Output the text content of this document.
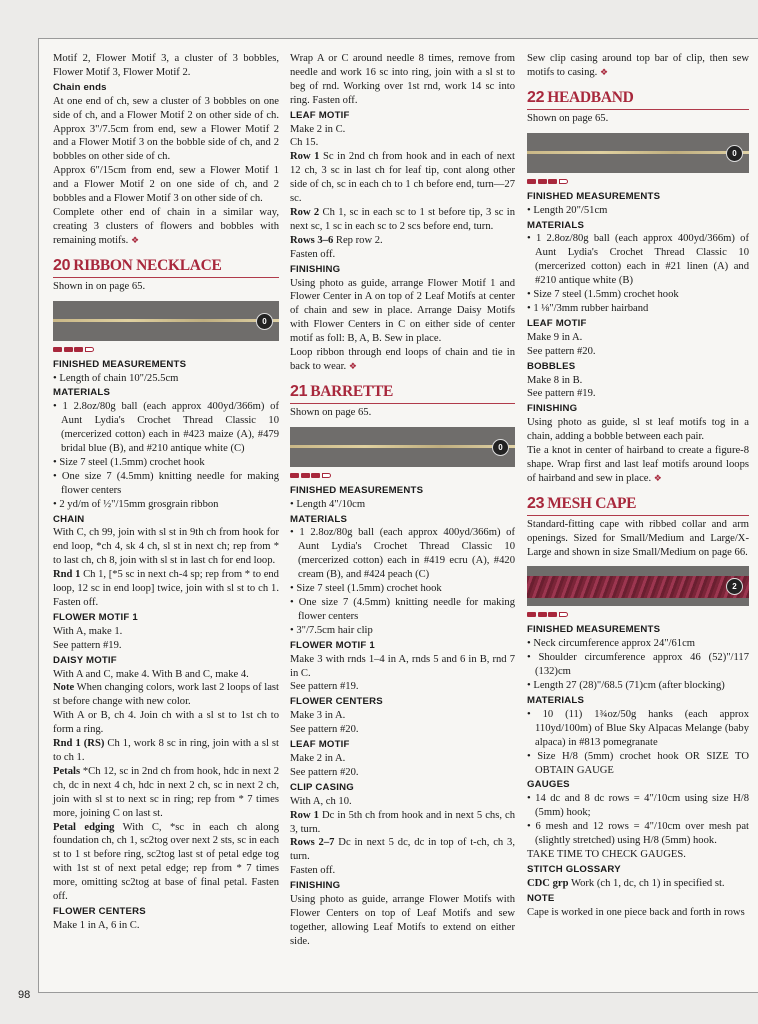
Motif 2, Flower Motif 3, a cluster of 3 bobbles, Flower Motif 3, Flower Motif 2.

Chain ends

At one end of ch, sew a cluster of 3 bobbles on one side of ch, and a Flower Motif 2 on other side of ch. Approx 3"/7.5cm from end, sew a Flower Motif 2 and a Flower Motif 3 on the bobble side of ch, and 2 bobbles on other side of ch.

Approx 6"/15cm from end, sew a Flower Motif 1 and a Flower Motif 2 on one side of ch, and 2 bobbles and a Flower Motif 3 on other side of ch.

Complete other end of chain in a similar way, creating 3 clusters of flowers and bobbles with remaining motifs. ❖

20 RIBBON NECKLACE

Shown in on page 65.

0

FINISHED MEASUREMENTS

• Length of chain 10"/25.5cm

MATERIALS

• 1 2.8oz/80g ball (each approx 400yd/366m) of Aunt Lydia's Crochet Thread Classic 10 (mercerized cotton) each in #423 maize (A), #479 bridal blue (B), and #210 antique white (C)
• Size 7 steel (1.5mm) crochet hook
• One size 7 (4.5mm) knitting needle for making flower centers
• 2 yd/m of ½"/15mm grosgrain ribbon

CHAIN

With C, ch 99, join with sl st in 9th ch from hook for end loop, *ch 4, sk 4 ch, sl st in next ch; rep from * to last ch, ch 8, join with sl st in last ch for end loop.

Rnd 1 Ch 1, [*5 sc in next ch-4 sp; rep from * to end loop, 12 sc in end loop] twice, join with sl st to ch 1. Fasten off.

FLOWER MOTIF 1

With A, make 1.

See pattern #19.

DAISY MOTIF

With A and C, make 4. With B and C, make 4.

Note When changing colors, work last 2 loops of last st before change with new color.

With A or B, ch 4. Join ch with a sl st to 1st ch to form a ring.

Rnd 1 (RS) Ch 1, work 8 sc in ring, join with a sl st to ch 1.

Petals *Ch 12, sc in 2nd ch from hook, hdc in next 2 ch, dc in next 4 ch, hdc in next 2 ch, sc in next 2 ch, join with sl st to next sc in ring; rep from * 7 times more, joining C on last st.

Petal edging With C, *sc in each ch along foundation ch, ch 1, sc2tog over next 2 sts, sc in each st to 1 st before ring, sc2tog last st of petal edge tog with 1st st of next petal edge; rep from * 7 times more, omitting sc2tog at base of final petal. Fasten off.

FLOWER CENTERS

Make 1 in A, 6 in C.

Wrap A or C around needle 8 times, remove from needle and work 16 sc into ring, join with a sl st to beg of rnd. Working over 1st rnd, work 14 sc into ring. Fasten off.

LEAF MOTIF

Make 2 in C.

Ch 15.

Row 1 Sc in 2nd ch from hook and in each of next 12 ch, 3 sc in last ch for leaf tip, cont along other side of ch, sc in each ch to 1 ch before end, turn—27 sc.

Row 2 Ch 1, sc in each sc to 1 st before tip, 3 sc in next sc, 1 sc in each sc to 2 scs before end, turn.

Rows 3–6 Rep row 2.

Fasten off.

FINISHING

Using photo as guide, arrange Flower Motif 1 and Flower Center in A on top of 2 Leaf Motifs at center of chain and sew in place. Arrange Daisy Motifs with Flower Centers in C on either side of center motif as foll: B, A, B. Sew in place.

Loop ribbon through end loops of chain and tie in back to wear. ❖

21 BARRETTE

Shown on page 65.

0

FINISHED MEASUREMENTS

• Length 4"/10cm

MATERIALS

• 1 2.8oz/80g ball (each approx 400yd/366m) of Aunt Lydia's Crochet Thread Classic 10 (mercerized cotton) each in #419 ecru (A), #420 cream (B), and #424 peach (C)
• Size 7 steel (1.5mm) crochet hook
• One size 7 (4.5mm) knitting needle for making flower centers
• 3"/7.5cm hair clip

FLOWER MOTIF 1

Make 3 with rnds 1–4 in A, rnds 5 and 6 in B, rnd 7 in C.

See pattern #19.

FLOWER CENTERS

Make 3 in A.

See pattern #20.

LEAF MOTIF

Make 2 in A.

See pattern #20.

CLIP CASING

With A, ch 10.

Row 1 Dc in 5th ch from hook and in next 5 chs, ch 3, turn.

Rows 2–7 Dc in next 5 dc, dc in top of t-ch, ch 3, turn.

Fasten off.

FINISHING

Using photo as guide, arrange Flower Motifs with Flower Centers on top of Leaf Motifs and sew together, allowing Leaf Motifs to extend on either side.

Sew clip casing around top bar of clip, then sew motifs to casing. ❖

22 HEADBAND

Shown on page 65.

0

FINISHED MEASUREMENTS

• Length 20"/51cm

MATERIALS

• 1 2.8oz/80g ball (each approx 400yd/366m) of Aunt Lydia's Crochet Thread Classic 10 (mercerized cotton) each in #21 linen (A) and #210 antique white (B)
• Size 7 steel (1.5mm) crochet hook
• 1 ⅛"/3mm rubber hairband

LEAF MOTIF

Make 9 in A.

See pattern #20.

BOBBLES

Make 8 in B.

See pattern #19.

FINISHING

Using photo as guide, sl st leaf motifs tog in a chain, adding a bobble between each pair.

Tie a knot in center of hairband to create a figure-8 shape. Wrap first and last leaf motifs around loops of hairband and sew in place. ❖

23 MESH CAPE

Standard-fitting cape with ribbed collar and arm openings. Sized for Small/Medium and Large/X-Large and shown in size Small/Medium on page 66.

2

FINISHED MEASUREMENTS

• Neck circumference approx 24"/61cm
• Shoulder circumference approx 46 (52)"/117 (132)cm
• Length 27 (28)"/68.5 (71)cm (after blocking)

MATERIALS

• 10 (11) 1¾oz/50g hanks (each approx 110yd/100m) of Blue Sky Alpacas Melange (baby alpaca) in #813 pomegranate
• Size H/8 (5mm) crochet hook OR SIZE TO OBTAIN GAUGE

GAUGES

• 14 dc and 8 dc rows = 4"/10cm using size H/8 (5mm) hook;
• 6 mesh and 12 rows = 4"/10cm over mesh pat (slightly stretched) using H/8 (5mm) hook.

TAKE TIME TO CHECK GAUGES.

STITCH GLOSSARY

CDC grp Work (ch 1, dc, ch 1) in specified st.

NOTE

Cape is worked in one piece back and forth in rows

98
